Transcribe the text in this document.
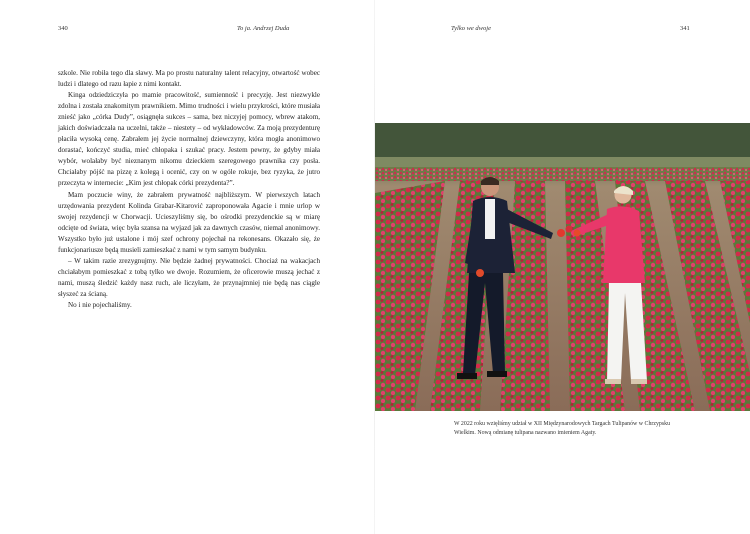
340	To ja. Andrzej Duda

szkole. Nie robiła tego dla sławy. Ma po prostu naturalny talent relacyjny, otwartość wobec ludzi i dlatego od razu łapie z nimi kontakt.

Kinga odziedziczyła po mamie pracowitość, sumienność i precyzję. Jest niezwykle zdolna i została znakomitym prawnikiem. Mimo trudności i wielu przykrości, które musiała znieść jako „córka Dudy”, osiągnęła sukces – sama, bez niczyjej pomocy, wbrew atakom, jakich doświadczała na uczelni, także – niestety – od wykładowców. Za moją prezydenturę płaciła wysoką cenę. Zabrałem jej życie normalnej dziewczyny, która mogła anonimowo dorastać, kończyć studia, mieć chłopaka i szukać pracy. Jestem pewny, że gdyby miała wybór, wolałaby być nieznanym nikomu dzieckiem szeregowego prawnika czy posła. Chciałaby pójść na pizzę z kolegą i ocenić, czy on w ogóle rokuje, bez ryzyka, że jutro przeczyta w internecie: „Kim jest chłopak córki prezydenta?”.

Mam poczucie winy, że zabrałem prywatność najbliższym. W pierwszych latach urzędowania prezydent Kolinda Grabar-Kitarović zaproponowała Agacie i mnie urlop w swojej rezydencji w Chorwacji. Ucieszyliśmy się, bo ośrodki prezydenckie są w miarę odcięte od świata, więc była szansa na wyjazd jak za dawnych czasów, niemal anonimowy. Wszystko było już ustalone i mój szef ochrony pojechał na rekonesans. Okazało się, że funkcjonariusze będą musieli zamieszkać z nami w tym samym budynku.

– W takim razie zrezygnujmy. Nie będzie żadnej prywatności. Chociaż na wakacjach chciałabym pomieszkać z tobą tylko we dwoje. Rozumiem, że oficerowie muszą jechać z nami, muszą śledzić każdy nasz ruch, ale liczyłam, że przynajmniej nie będą nas ciągle słyszeć za ścianą.

No i nie pojechaliśmy.

Tylko we dwoje	341
W 2022 roku wzięliśmy udział w XII Międzynarodowych Targach Tulipanów w Chrzypsku Wielkim. Nową odmianę tulipana nazwano imieniem Agaty.
